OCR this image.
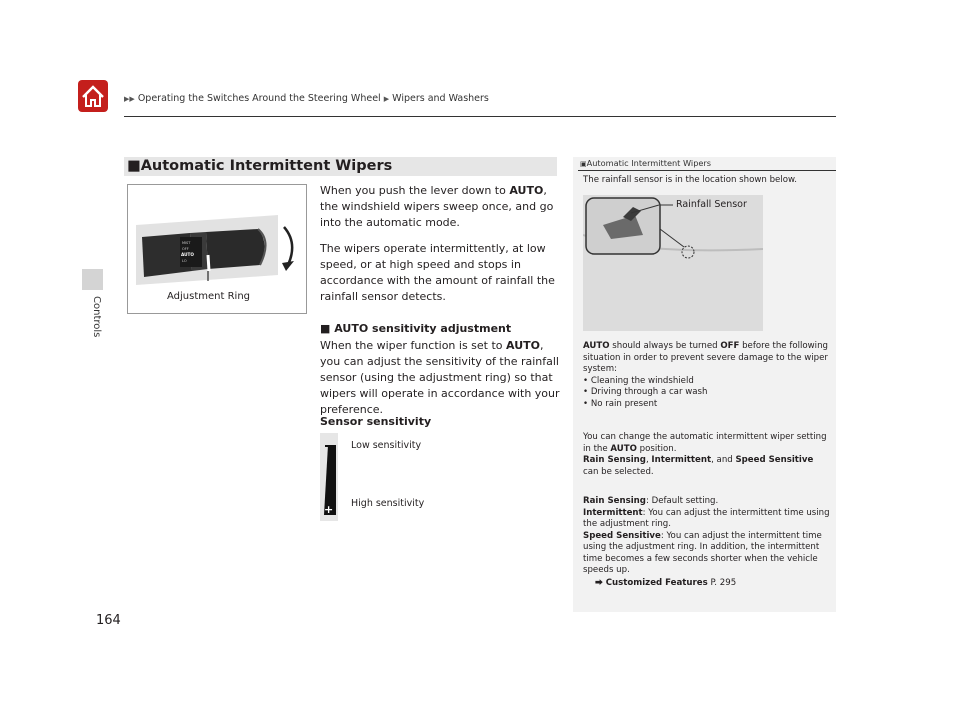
▶▶ Operating the Switches Around the Steering Wheel ▶ Wipers and Washers
Controls
■Automatic Intermittent Wipers
MIST
OFF
AUTO
LO
Adjustment Ring

When you push the lever down to AUTO, the windshield wipers sweep once, and go into the automatic mode.

The wipers operate intermittently, at low speed, or at high speed and stops in accordance with the amount of rainfall the rainfall sensor detects.

■ AUTO sensitivity adjustment
When the wiper function is set to AUTO, you can adjust the sensitivity of the rainfall sensor (using the adjustment ring) so that wipers will operate in accordance with your preference.
Sensor sensitivity
+
Low sensitivity
High sensitivity
▣Automatic Intermittent Wipers
The rainfall sensor is in the location shown below.
Rainfall Sensor
AUTO should always be turned OFF before the following situation in order to prevent severe damage to the wiper system:
• Cleaning the windshield
• Driving through a car wash
• No rain present
You can change the automatic intermittent wiper setting in the AUTO position.
Rain Sensing, Intermittent, and Speed Sensitive can be selected.
Rain Sensing: Default setting.
Intermittent: You can adjust the intermittent time using the adjustment ring.
Speed Sensitive: You can adjust the intermittent time using the adjustment ring. In addition, the intermittent time becomes a few seconds shorter when the vehicle speeds up.
⮕ Customized Features P. 295
164
